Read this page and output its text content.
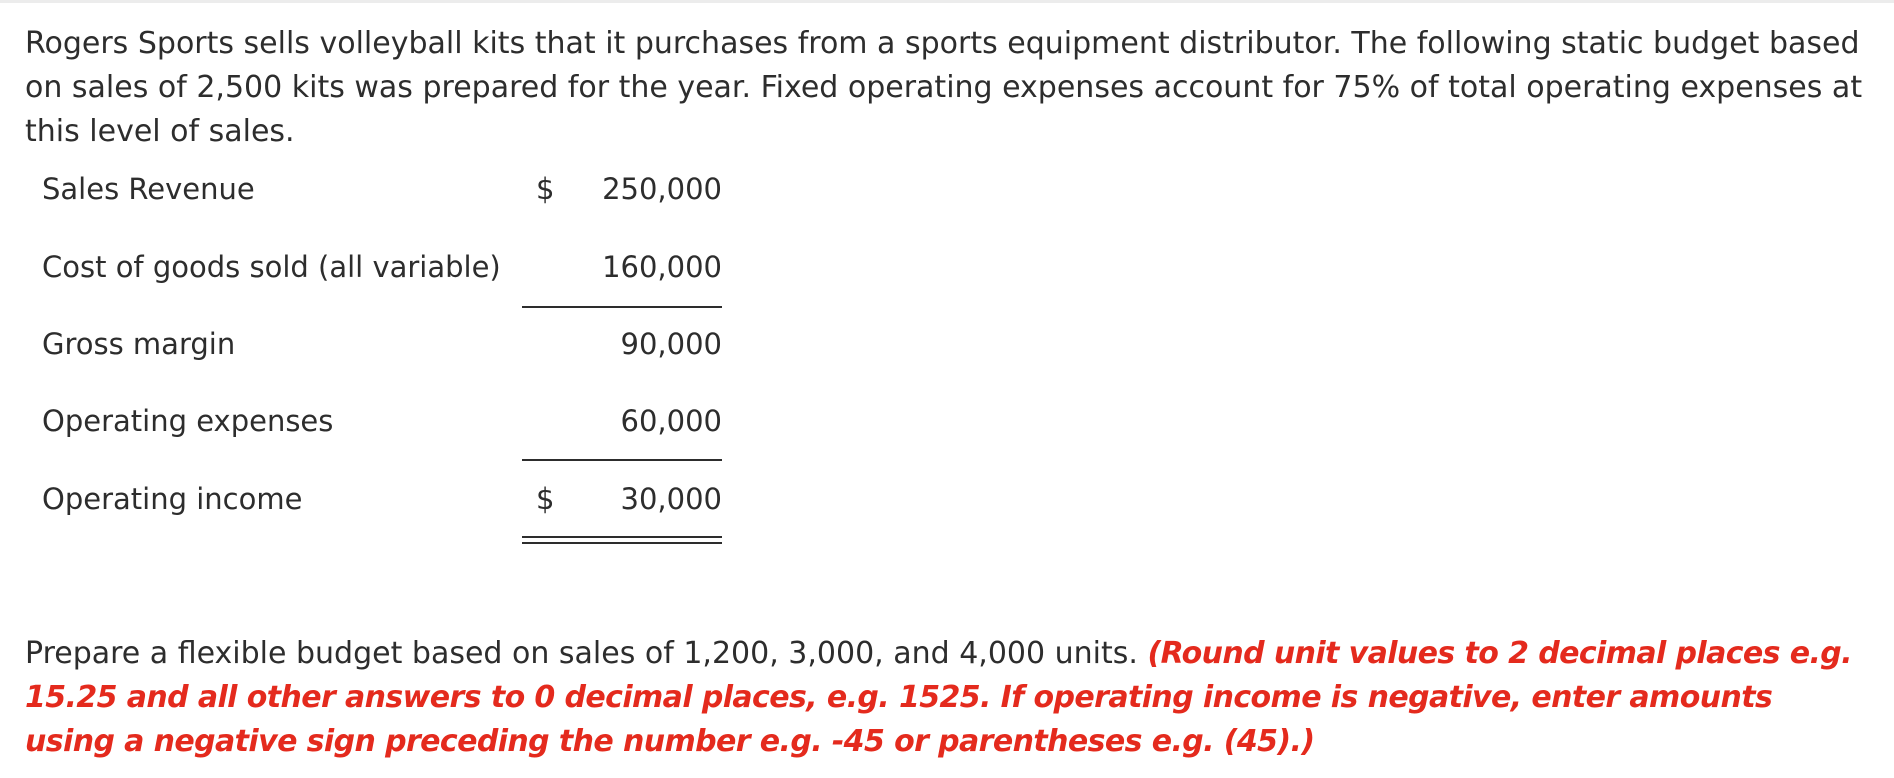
Rogers Sports sells volleyball kits that it purchases from a sports equipment distributor. The following static budget based on sales of 2,500 kits was prepared for the year. Fixed operating expenses account for 75% of total operating expenses at this level of sales.

Sales Revenue	$	250,000
Cost of goods sold (all variable)	160,000
Gross margin	90,000
Operating expenses	60,000
Operating income	$	30,000

Prepare a flexible budget based on sales of 1,200, 3,000, and 4,000 units. (Round unit values to 2 decimal places e.g. 15.25 and all other answers to 0 decimal places, e.g. 1525. If operating income is negative, enter amounts using a negative sign preceding the number e.g. -45 or parentheses e.g. (45).)
